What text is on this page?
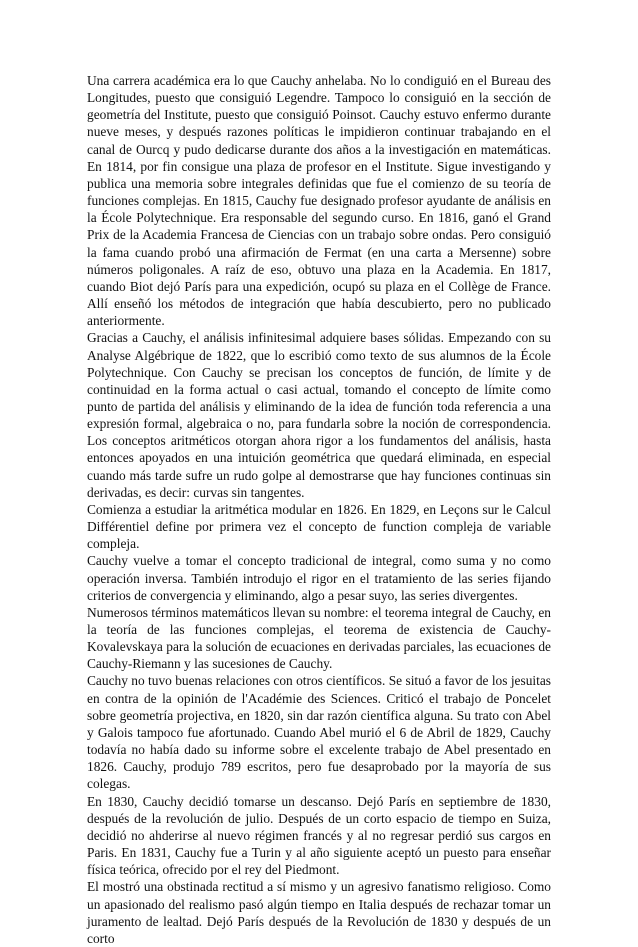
Una carrera académica era lo que Cauchy anhelaba. No lo condiguió en el Bureau des Longitudes, puesto que consiguió Legendre. Tampoco lo consiguió en la sección de geometría del Institute, puesto que consiguió Poinsot. Cauchy estuvo enfermo durante nueve meses, y después razones políticas le impidieron continuar trabajando en el canal de Ourcq y pudo dedicarse durante dos años a la investigación en matemáticas. En 1814, por fin consigue una plaza de profesor en el Institute. Sigue investigando y publica una memoria sobre integrales definidas que fue el comienzo de su teoría de funciones complejas. En 1815, Cauchy fue designado profesor ayudante de análisis en la École Polytechnique. Era responsable del segundo curso. En 1816, ganó el Grand Prix de la Academia Francesa de Ciencias con un trabajo sobre ondas. Pero consiguió la fama cuando probó una afirmación de Fermat (en una carta a Mersenne) sobre números poligonales. A raíz de eso, obtuvo una plaza en la Academia. En 1817, cuando Biot dejó París para una expedición, ocupó su plaza en el Collège de France. Allí enseñó los métodos de integración que había descubierto, pero no publicado anteriormente.

Gracias a Cauchy, el análisis infinitesimal adquiere bases sólidas. Empezando con su Analyse Algébrique de 1822, que lo escribió como texto de sus alumnos de la École Polytechnique. Con Cauchy se precisan los conceptos de función, de límite y de continuidad en la forma actual o casi actual, tomando el concepto de límite como punto de partida del análisis y eliminando de la idea de función toda referencia a una expresión formal, algebraica o no, para fundarla sobre la noción de correspondencia. Los conceptos aritméticos otorgan ahora rigor a los fundamentos del análisis, hasta entonces apoyados en una intuición geométrica que quedará eliminada, en especial cuando más tarde sufre un rudo golpe al demostrarse que hay funciones continuas sin derivadas, es decir: curvas sin tangentes.

Comienza a estudiar la aritmética modular en 1826. En 1829, en Leçons sur le Calcul Différentiel define por primera vez el concepto de function compleja de variable compleja.

Cauchy vuelve a tomar el concepto tradicional de integral, como suma y no como operación inversa. También introdujo el rigor en el tratamiento de las series fijando criterios de convergencia y eliminando, algo a pesar suyo, las series divergentes.

Numerosos términos matemáticos llevan su nombre: el teorema integral de Cauchy, en la teoría de las funciones complejas, el teorema de existencia de Cauchy-Kovalevskaya para la solución de ecuaciones en derivadas parciales, las ecuaciones de Cauchy-Riemann y las sucesiones de Cauchy.

Cauchy no tuvo buenas relaciones con otros científicos. Se situó a favor de los jesuitas en contra de la opinión de l'Académie des Sciences. Criticó el trabajo de Poncelet sobre geometría projectiva, en 1820, sin dar razón científica alguna. Su trato con Abel y Galois tampoco fue afortunado. Cuando Abel murió el 6 de Abril de 1829, Cauchy todavía no había dado su informe sobre el excelente trabajo de Abel presentado en 1826. Cauchy, produjo 789 escritos, pero fue desaprobado por la mayoría de sus colegas.

En 1830, Cauchy decidió tomarse un descanso. Dejó París en septiembre de 1830, después de la revolución de julio. Después de un corto espacio de tiempo en Suiza, decidió no ahderirse al nuevo régimen francés y al no regresar perdió sus cargos en Paris. En 1831, Cauchy fue a Turin y al año siguiente aceptó un puesto para enseñar física teórica, ofrecido por el rey del Piedmont.

El mostró una obstinada rectitud a sí mismo y un agresivo fanatismo religioso. Como un apasionado del realismo pasó algún tiempo en Italia después de rechazar tomar un juramento de lealtad. Dejó París después de la Revolución de 1830 y después de un corto
